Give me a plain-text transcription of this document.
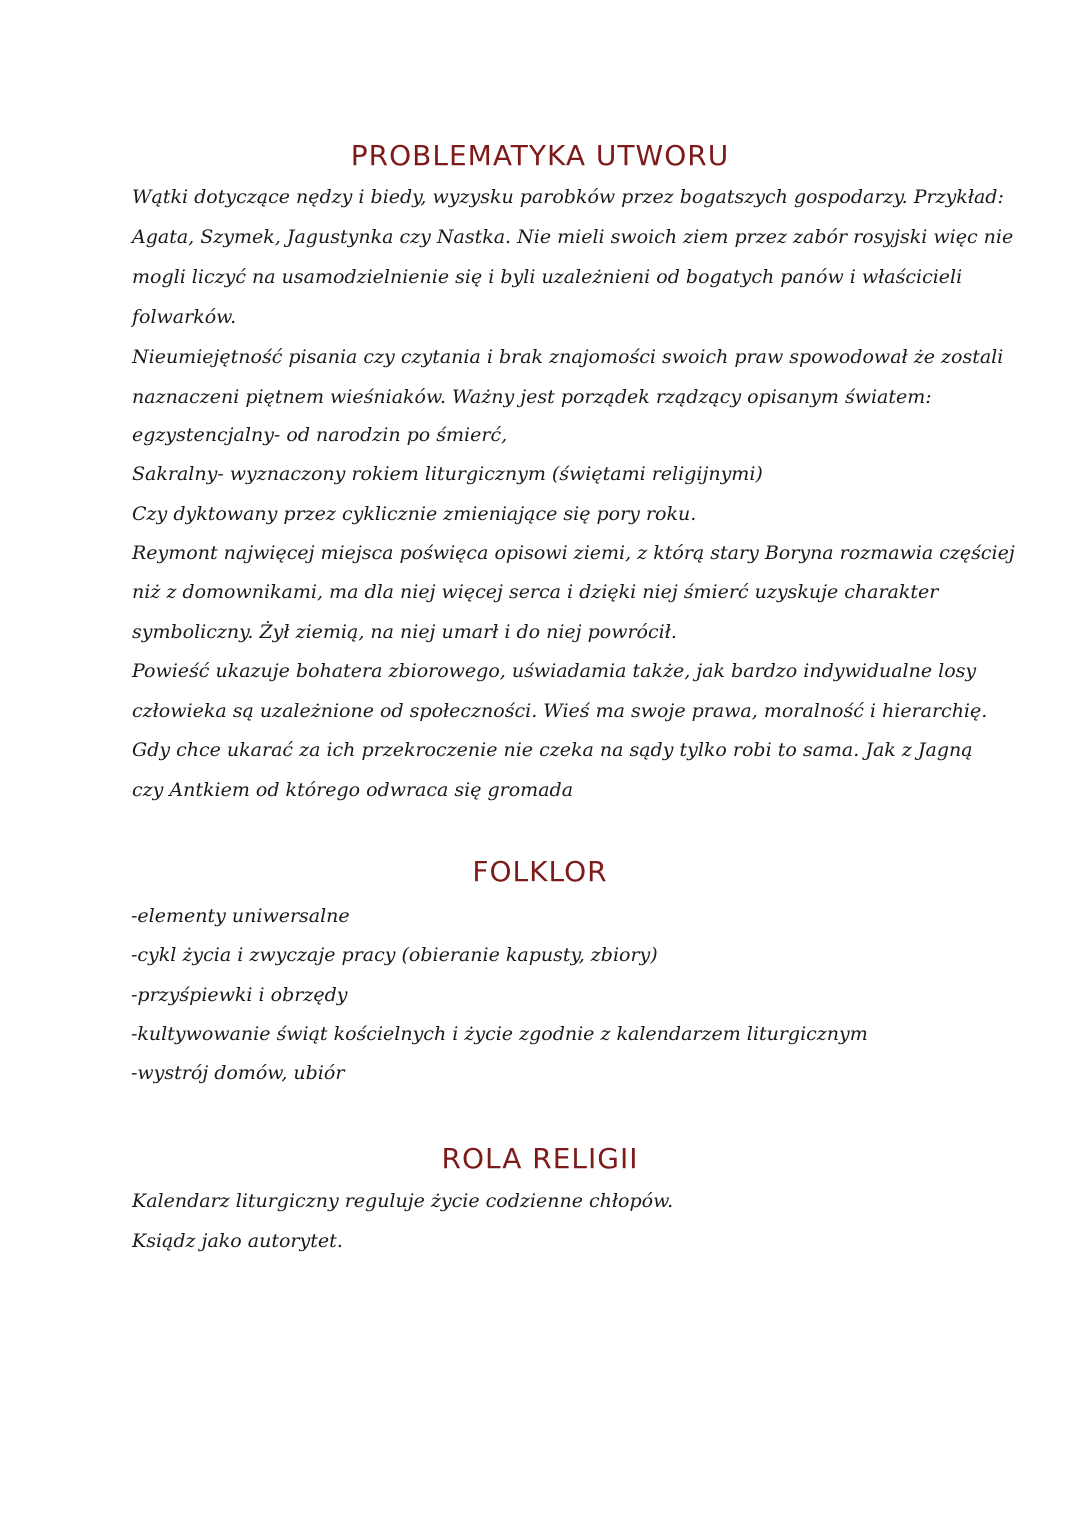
PROBLEMATYKA UTWORU
Wątki dotyczące nędzy i biedy, wyzysku parobków przez bogatszych gospodarzy. Przykład:
Agata, Szymek, Jagustynka czy Nastka. Nie mieli swoich ziem przez zabór rosyjski więc nie
mogli liczyć na usamodzielnienie się i byli uzależnieni od bogatych panów i właścicieli
folwarków.
Nieumiejętność pisania czy czytania i brak znajomości swoich praw spowodował że zostali
naznaczeni piętnem wieśniaków. Ważny jest porządek rządzący opisanym światem:
egzystencjalny- od narodzin po śmierć,
Sakralny- wyznaczony rokiem liturgicznym (świętami religijnymi)
Czy dyktowany przez cyklicznie zmieniające się pory roku.
Reymont najwięcej miejsca poświęca opisowi ziemi, z którą stary Boryna rozmawia częściej
niż z domownikami, ma dla niej więcej serca i dzięki niej śmierć uzyskuje charakter
symboliczny. Żył ziemią, na niej umarł i do niej powrócił.
Powieść ukazuje bohatera zbiorowego, uświadamia także, jak bardzo indywidualne losy
człowieka są uzależnione od społeczności. Wieś ma swoje prawa, moralność i hierarchię.
Gdy chce ukarać za ich przekroczenie nie czeka na sądy tylko robi to sama. Jak z Jagną
czy Antkiem od którego odwraca się gromada
FOLKLOR
-elementy uniwersalne
-cykl życia i zwyczaje pracy (obieranie kapusty, zbiory)
-przyśpiewki i obrzędy
-kultywowanie świąt kościelnych i życie zgodnie z kalendarzem liturgicznym
-wystrój domów, ubiór
ROLA RELIGII
Kalendarz liturgiczny reguluje życie codzienne chłopów.
Ksiądz jako autorytet.
